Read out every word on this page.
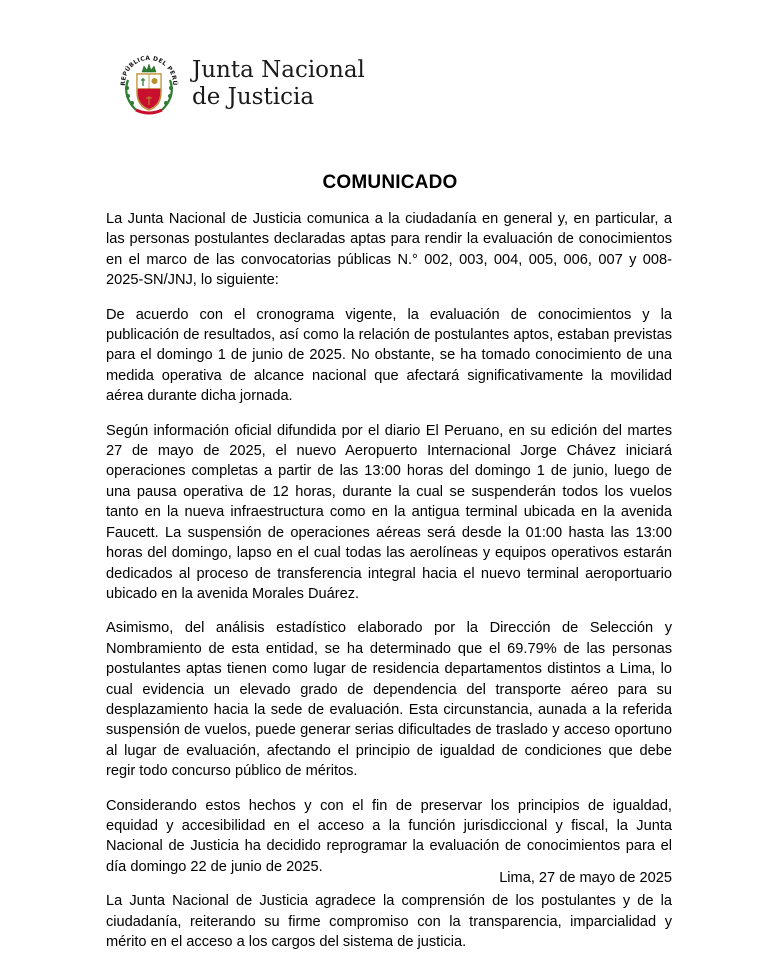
REPÚBLICA DEL PERÚ
Junta Nacional
de Justicia
COMUNICADO

La Junta Nacional de Justicia comunica a la ciudadanía en general y, en particular, a las personas postulantes declaradas aptas para rendir la evaluación de conocimientos en el marco de las convocatorias públicas N.° 002, 003, 004, 005, 006, 007 y 008-2025-SN/JNJ, lo siguiente:

De acuerdo con el cronograma vigente, la evaluación de conocimientos y la publicación de resultados, así como la relación de postulantes aptos, estaban previstas para el domingo 1 de junio de 2025. No obstante, se ha tomado conocimiento de una medida operativa de alcance nacional que afectará significativamente la movilidad aérea durante dicha jornada.

Según información oficial difundida por el diario El Peruano, en su edición del martes 27 de mayo de 2025, el nuevo Aeropuerto Internacional Jorge Chávez iniciará operaciones completas a partir de las 13:00 horas del domingo 1 de junio, luego de una pausa operativa de 12 horas, durante la cual se suspenderán todos los vuelos tanto en la nueva infraestructura como en la antigua terminal ubicada en la avenida Faucett. La suspensión de operaciones aéreas será desde la 01:00 hasta las 13:00 horas del domingo, lapso en el cual todas las aerolíneas y equipos operativos estarán dedicados al proceso de transferencia integral hacia el nuevo terminal aeroportuario ubicado en la avenida Morales Duárez.

Asimismo, del análisis estadístico elaborado por la Dirección de Selección y Nombramiento de esta entidad, se ha determinado que el 69.79% de las personas postulantes aptas tienen como lugar de residencia departamentos distintos a Lima, lo cual evidencia un elevado grado de dependencia del transporte aéreo para su desplazamiento hacia la sede de evaluación. Esta circunstancia, aunada a la referida suspensión de vuelos, puede generar serias dificultades de traslado y acceso oportuno al lugar de evaluación, afectando el principio de igualdad de condiciones que debe regir todo concurso público de méritos.

Considerando estos hechos y con el fin de preservar los principios de igualdad, equidad y accesibilidad en el acceso a la función jurisdiccional y fiscal, la Junta Nacional de Justicia ha decidido reprogramar la evaluación de conocimientos para el día domingo 22 de junio de 2025.

La Junta Nacional de Justicia agradece la comprensión de los postulantes y de la ciudadanía, reiterando su firme compromiso con la transparencia, imparcialidad y mérito en el acceso a los cargos del sistema de justicia.

Lima, 27 de mayo de 2025
